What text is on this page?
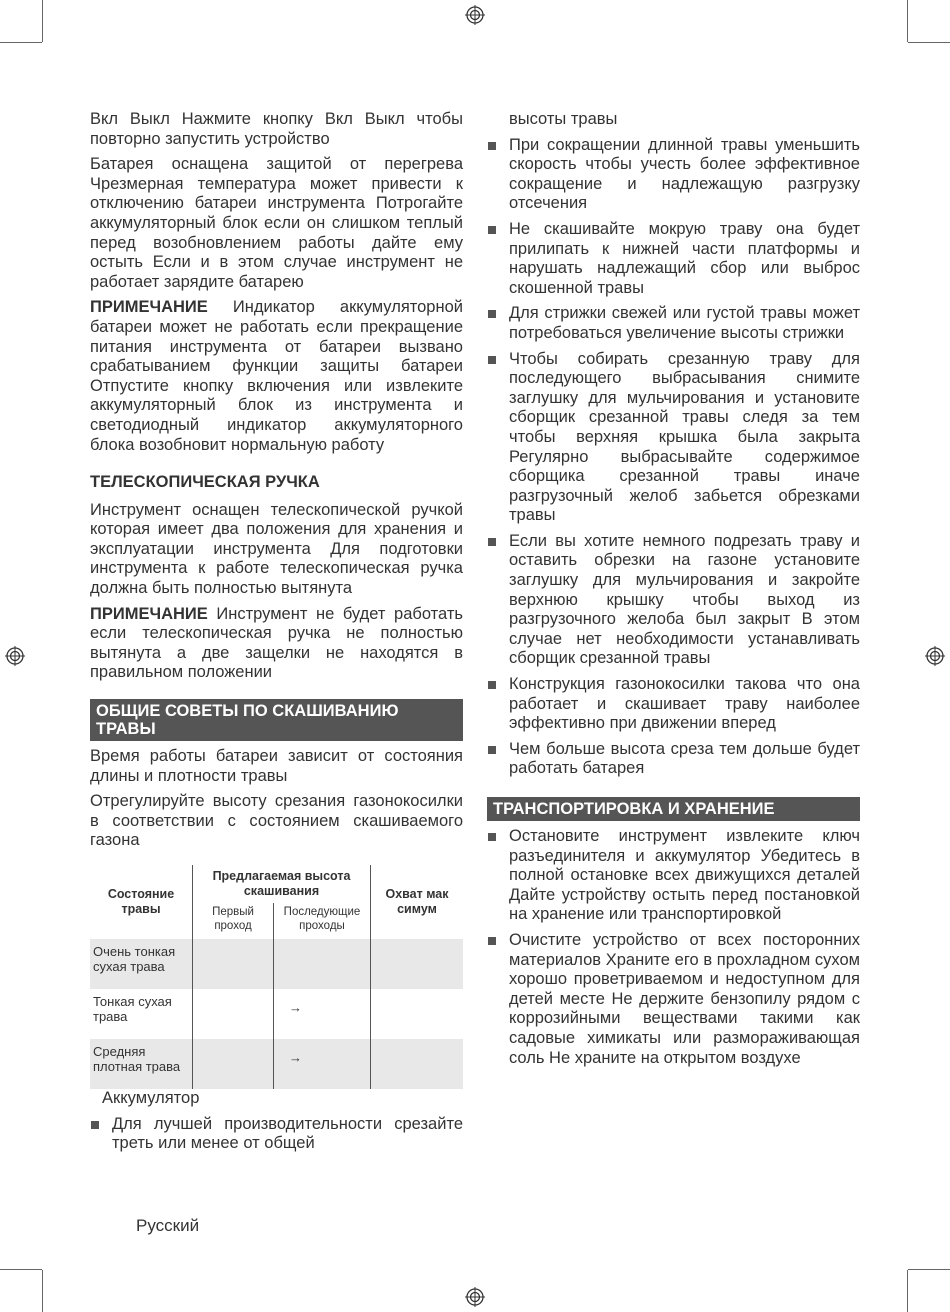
Вкл Выкл Нажмите кнопку Вкл Выкл чтобы повторно запустить устройство

Батарея оснащена защитой от перегрева Чрезмерная температура может привести к отключению батареи инструмента Потрогайте аккумуляторный блок если он слишком теплый перед возобновлением работы дайте ему остыть Если и в этом случае инструмент не работает зарядите батарею

ПРИМЕЧАНИЕ Индикатор аккумуляторной батареи может не работать если прекращение питания инструмента от батареи вызвано срабатыванием функции защиты батареи Отпустите кнопку включения или извлеките аккумуляторный блок из инструмента и светодиодный индикатор аккумуляторного блока возобновит нормальную работу

ТЕЛЕСКОПИЧЕСКАЯ РУЧКА

Инструмент оснащен телескопической ручкой которая имеет два положения для хранения и эксплуатации инструмента Для подготовки инструмента к работе телескопическая ручка должна быть полностью вытянута

ПРИМЕЧАНИЕ Инструмент не будет работать если телескопическая ручка не полностью вытянута а две защелки не находятся в правильном положении

ОБЩИЕ СОВЕТЫ ПО СКАШИВАНИЮ ТРАВЫ

Время работы батареи зависит от состояния длины и плотности травы

Отрегулируйте высоту срезания газонокосилки в соответствии с состоянием скашиваемого газона

Состояние травы	Предлагаемая высота скашивания		Охват мак симум
	Первый проход	Последующие проходы	
Очень тонкая сухая трава			
Тонкая сухая трава		→	

Средняя плотная трава		→	

Аккумулятор
Для лучшей производительности срезайте треть или менее от общей

высоты травы

При сокращении длинной травы уменьшить скорость чтобы учесть более эффективное сокращение и надлежащую разгрузку отсечения
Не скашивайте мокрую траву она будет прилипать к нижней части платформы и нарушать надлежащий сбор или выброс скошенной травы
Для стрижки свежей или густой травы может потребоваться увеличение высоты стрижки
Чтобы собирать срезанную траву для последующего выбрасывания снимите заглушку для мульчирования и установите сборщик срезанной травы следя за тем чтобы верхняя крышка была закрыта Регулярно выбрасывайте содержимое сборщика срезанной травы иначе разгрузочный желоб забьется обрезками травы
Если вы хотите немного подрезать траву и оставить обрезки на газоне установите заглушку для мульчирования и закройте верхнюю крышку чтобы выход из разгрузочного желоба был закрыт В этом случае нет необходимости устанавливать сборщик срезанной травы
Конструкция газонокосилки такова что она работает и скашивает траву наиболее эффективно при движении вперед
Чем больше высота среза тем дольше будет работать батарея
ТРАНСПОРТИРОВКА И ХРАНЕНИЕ
Остановите инструмент извлеките ключ разъединителя и аккумулятор Убедитесь в полной остановке всех движущихся деталей Дайте устройству остыть перед постановкой на хранение или транспортировкой
Очистите устройство от всех посторонних материалов Храните его в прохладном сухом хорошо проветриваемом и недоступном для детей месте Не держите бензопилу рядом с коррозийными веществами такими как садовые химикаты или размораживающая соль Не храните на открытом воздухе
Русский
